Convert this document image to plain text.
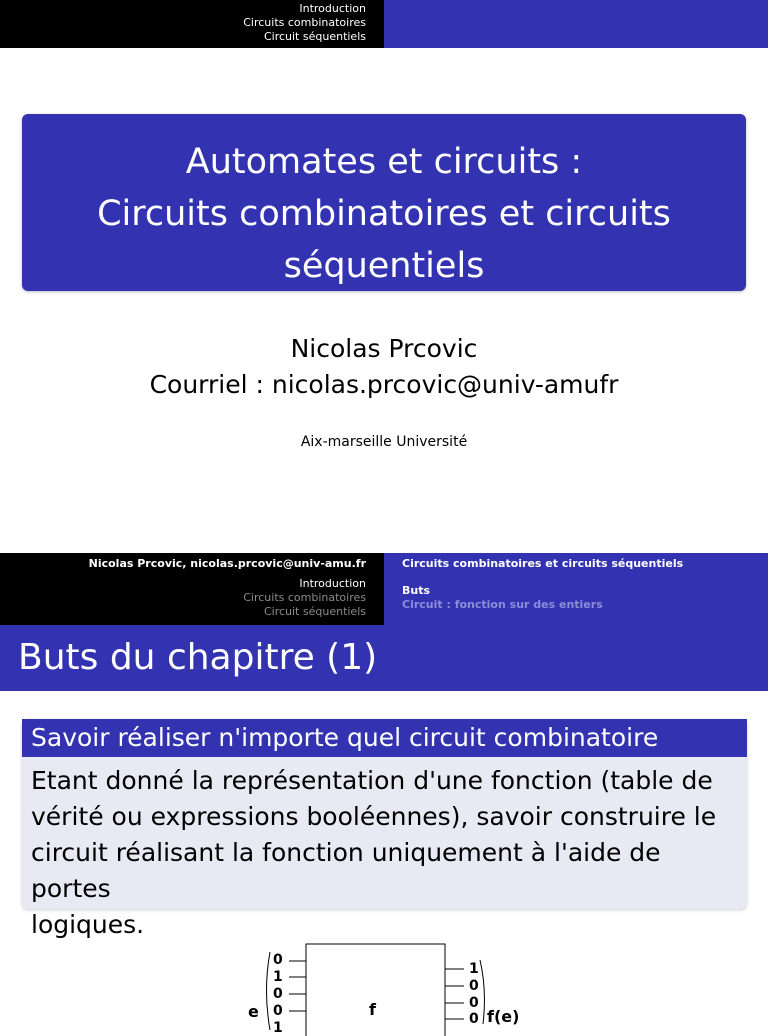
Introduction
Circuits combinatoires
Circuit séquentiels
Automates et circuits :
Circuits combinatoires et circuits
séquentiels
Nicolas Prcovic
Courriel : nicolas.prcovic@univ-amufr
Aix-marseille Université
Nicolas Prcovic, nicolas.prcovic@univ-amu.fr
Introduction
Circuits combinatoires
Circuit séquentiels
Circuits combinatoires et circuits séquentiels
Buts
Circuit : fonction sur des entiers
Buts du chapitre (1)
Savoir réaliser n'importe quel circuit combinatoire
Etant donné la représentation d'une fonction (table de
vérité ou expressions booléennes), savoir construire le
circuit réalisant la fonction uniquement à l'aide de portes
logiques.
0
1
0
0
1
e	f
1
0
0
0 f(e)
